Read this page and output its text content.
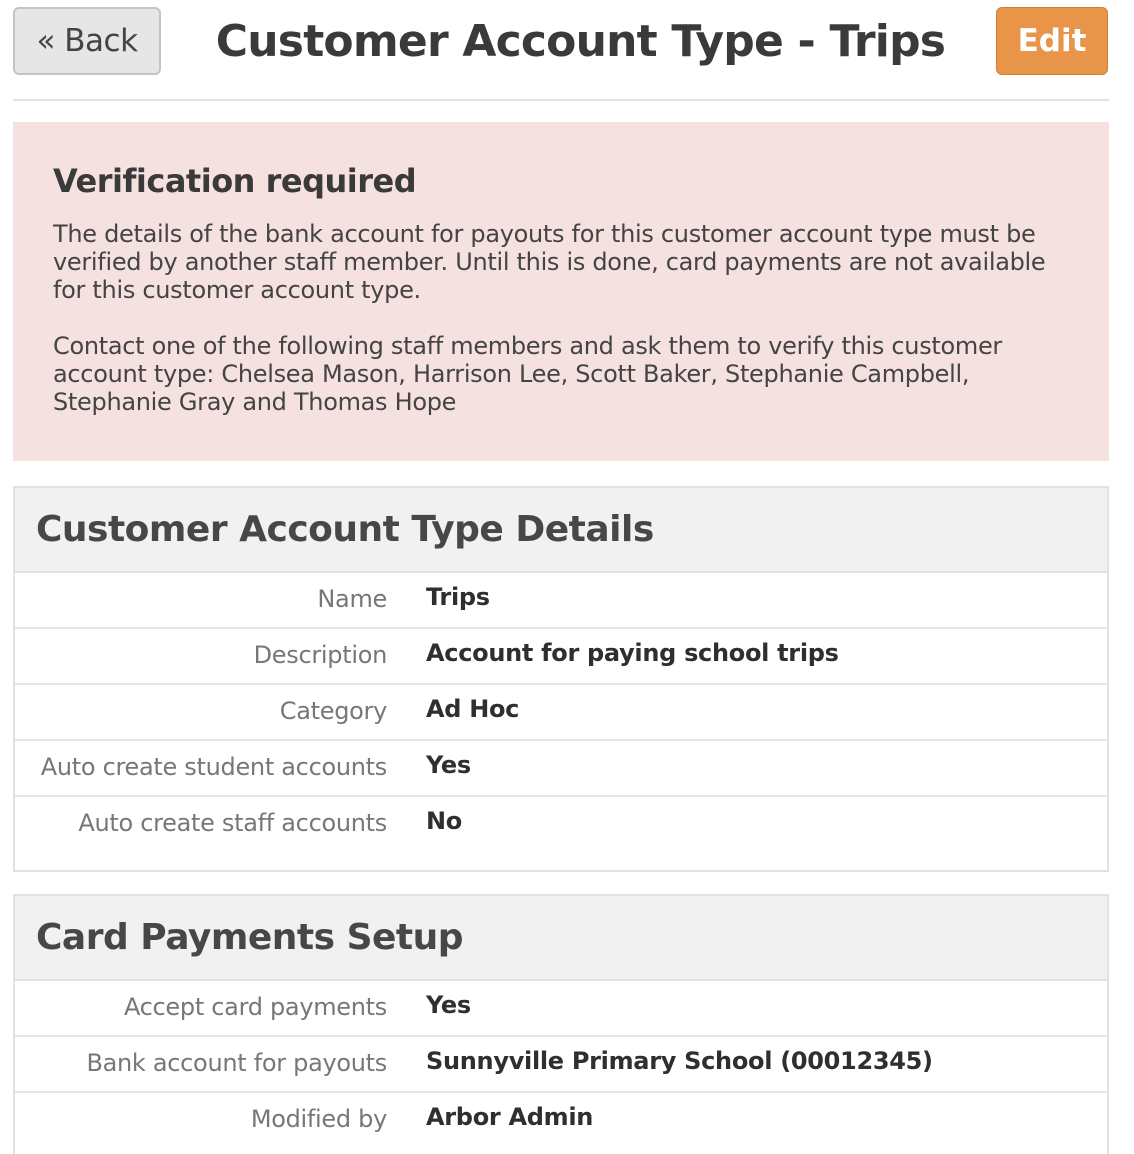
« Back	Customer Account Type - Trips	Edit
Verification required
The details of the bank account for payouts for this customer account type must be verified by another staff member. Until this is done, card payments are not available for this customer account type.
Contact one of the following staff members and ask them to verify this customer account type: Chelsea Mason, Harrison Lee, Scott Baker, Stephanie Campbell, Stephanie Gray and Thomas Hope
Customer Account Type Details
Name	Trips
Description	Account for paying school trips
Category	Ad Hoc
Auto create student accounts	Yes
Auto create staff accounts	No
Card Payments Setup
Accept card payments	Yes
Bank account for payouts	Sunnyville Primary School (00012345)
Modified by	Arbor Admin
